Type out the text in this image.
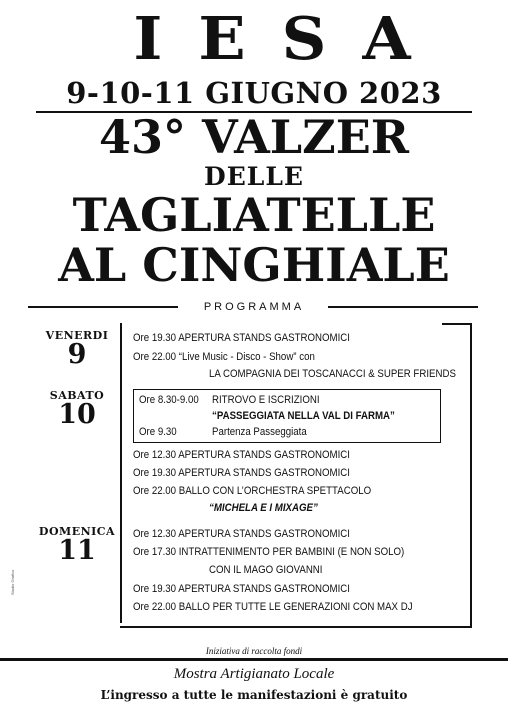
IESA
9-10-11 GIUGNO 2023
43° VALZER
DELLE
TAGLIATELLE
AL CINGHIALE
PROGRAMMA
VENERDI
9
Ore 19.30 APERTURA STANDS GASTRONOMICI
Ore 22.00 “Live Music - Disco - Show” con
LA COMPAGNIA DEI TOSCANACCI & SUPER FRIENDS
SABATO
10	Ore 8.30-9.00 RITROVO E ISCRIZIONI
“PASSEGGIATA NELLA VAL DI FARMA”
Ore 9.30	Partenza Passeggiata
Ore 12.30 APERTURA STANDS GASTRONOMICI
Ore 19.30 APERTURA STANDS GASTRONOMICI
Ore 22.00 BALLO CON L’ORCHESTRA SPETTACOLO
“MICHELA E I MIXAGE”
DOMENICA
11
Ore 12.30 APERTURA STANDS GASTRONOMICI
Ore 17.30 INTRATTENIMENTO PER BAMBINI (E NON SOLO)
CON IL MAGO GIOVANNI
Ore 19.30 APERTURA STANDS GASTRONOMICI
Ore 22.00 BALLO PER TUTTE LE GENERAZIONI CON MAX DJ
Iniziativa di raccolta fondi
Mostra Artigianato Locale
L’ingresso a tutte le manifestazioni è gratuito
Studio Grafico
